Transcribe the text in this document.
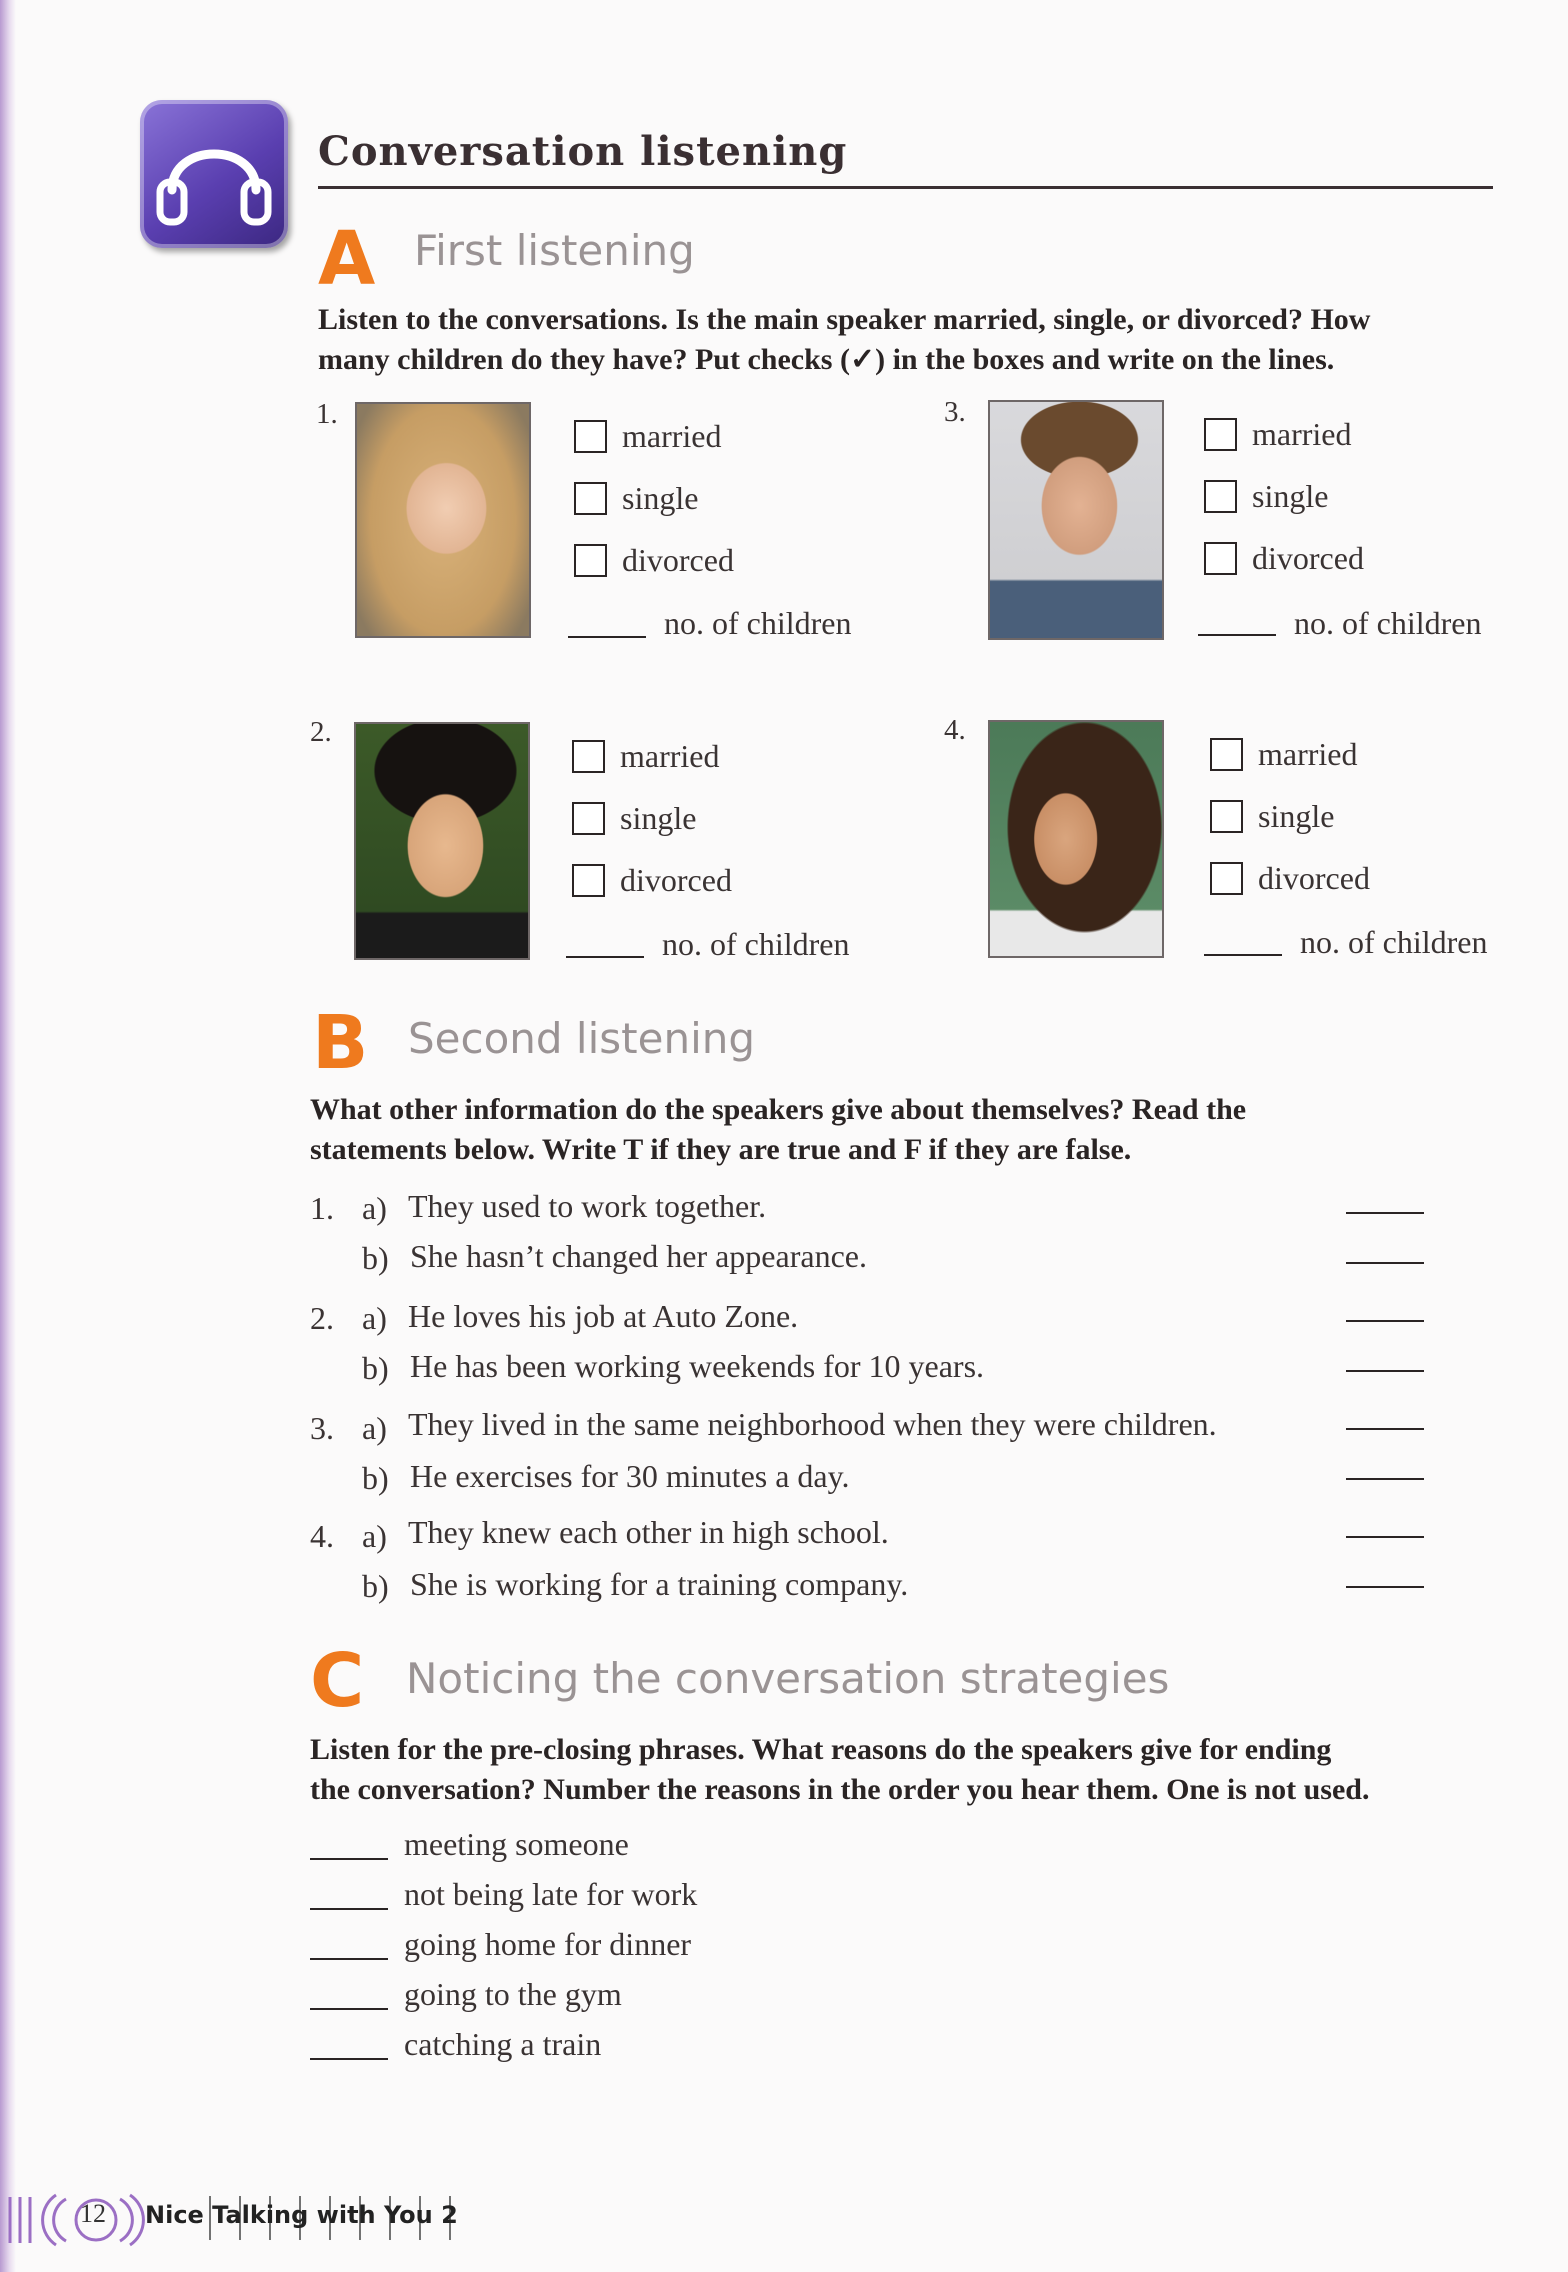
Conversation listening
A First listening
Listen to the conversations. Is the main speaker married, single, or divorced? How
many children do they have? Put checks (✓) in the boxes and write on the lines.
1.
married
single
divorced
no. of children
3.
married
single
divorced
no. of children
2.
married
single
divorced
no. of children
4.
married
single
divorced
no. of children
B Second listening
What other information do the speakers give about themselves? Read the
statements below. Write T if they are true and F if they are false.
1. a) They used to work together.
b) She hasn’t changed her appearance.
2. a) He loves his job at Auto Zone.
b) He has been working weekends for 10 years.
3. a) They lived in the same neighborhood when they were children.
b) He exercises for 30 minutes a day.
4. a) They knew each other in high school.
b) She is working for a training company.
C Noticing the conversation strategies
Listen for the pre-closing phrases. What reasons do the speakers give for ending
the conversation? Number the reasons in the order you hear them. One is not used.
meeting someone
not being late for work
going home for dinner
going to the gym
catching a train
12 Nice Talking with You 2
